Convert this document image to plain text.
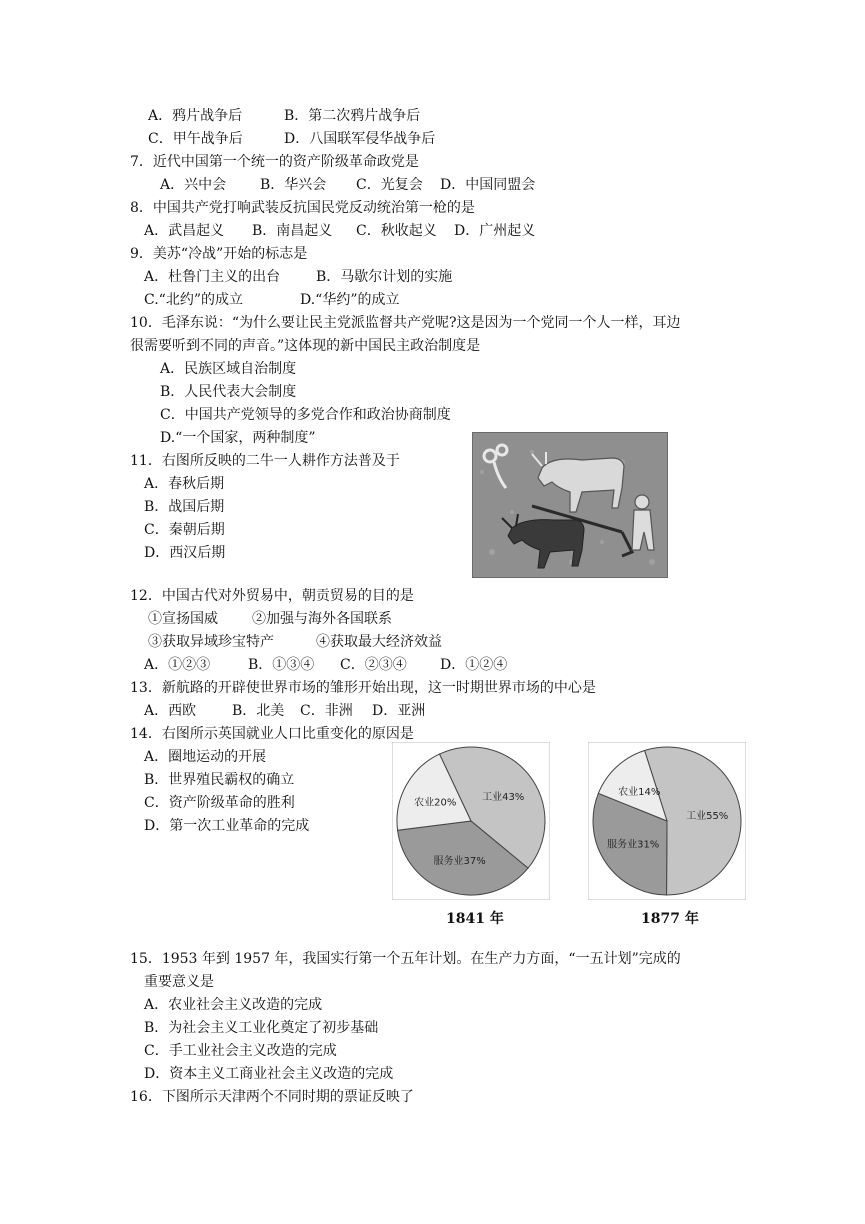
A．鸦片战争后	B．第二次鸦片战争后
C．甲午战争后	D．八国联军侵华战争后
7．近代中国第一个统一的资产阶级革命政党是
A．兴中会 B．华兴会 C．光复会 D．中国同盟会
8．中国共产党打响武装反抗国民党反动统治第一枪的是
A．武昌起义 B．南昌起义 C．秋收起义 D．广州起义
9．美苏“冷战”开始的标志是
A．杜鲁门主义的出台	B．马歇尔计划的实施
C.“北约”的成立	D.“华约”的成立
10．毛泽东说：“为什么要让民主党派监督共产党呢?这是因为一个党同一个人一样，耳边
很需要听到不同的声音。”这体现的新中国民主政治制度是
A．民族区域自治制度
B．人民代表大会制度
C．中国共产党领导的多党合作和政治协商制度
D.“一个国家，两种制度”
11．右图所反映的二牛一人耕作方法普及于
A．春秋后期
B．战国后期
C．秦朝后期
D．西汉后期
12．中国古代对外贸易中，朝贡贸易的目的是
①宣扬国威 ②加强与海外各国联系
③获取异域珍宝特产	④获取最大经济效益
A．①②③	B．①③④ C．②③④ D．①②④
13．新航路的开辟使世界市场的雏形开始出现，这一时期世界市场的中心是
A．西欧	B．北美 C．非洲 D．亚洲
14．右图所示英国就业人口比重变化的原因是
A．圈地运动的开展
B．世界殖民霸权的确立
C．资产阶级革命的胜利
D．第一次工业革命的完成
工业43%
服务业37%
农业20%
1841 年
工业55%
服务业31%
农业14%
1877 年
15．1953 年到 1957 年，我国实行第一个五年计划。在生产力方面，“一五计划”完成的
重要意义是
A．农业社会主义改造的完成
B．为社会主义工业化奠定了初步基础
C．手工业社会主义改造的完成
D．资本主义工商业社会主义改造的完成
16．下图所示天津两个不同时期的票证反映了
